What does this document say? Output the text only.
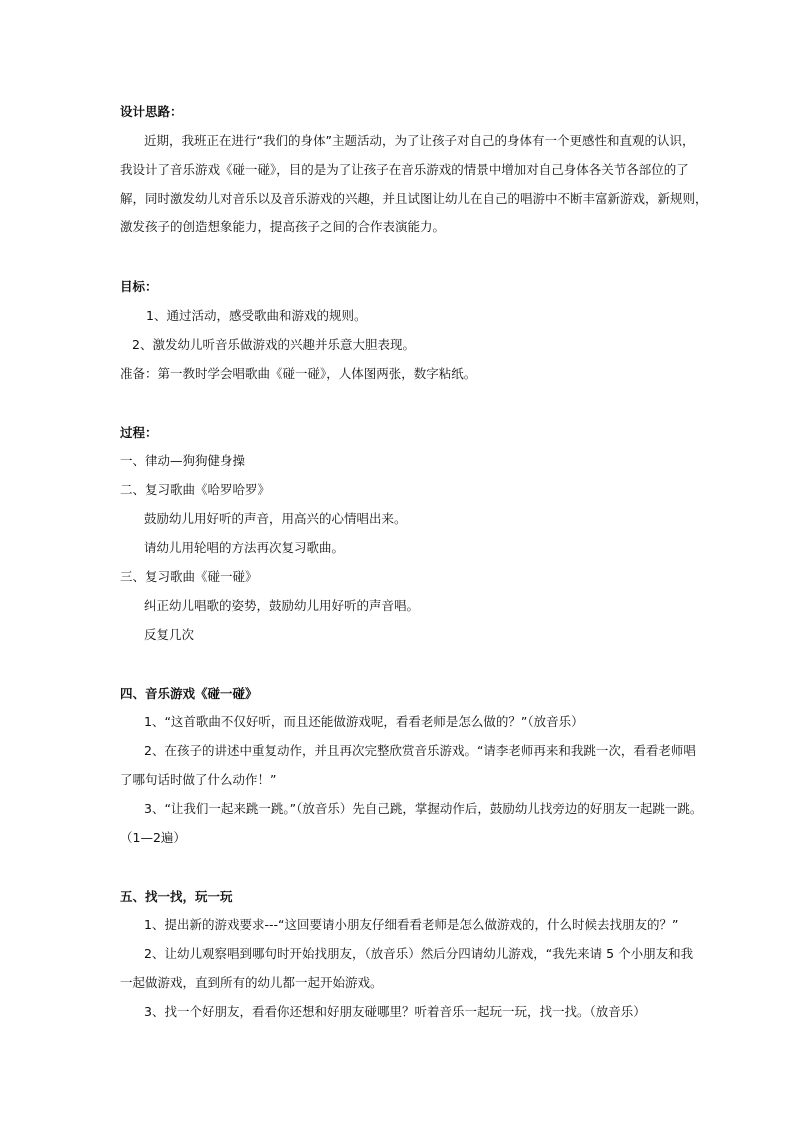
设计思路：
近期，我班正在进行“我们的身体”主题活动，为了让孩子对自己的身体有一个更感性和直观的认识，
我设计了音乐游戏《碰一碰》，目的是为了让孩子在音乐游戏的情景中增加对自己身体各关节各部位的了
解，同时激发幼儿对音乐以及音乐游戏的兴趣，并且试图让幼儿在自己的唱游中不断丰富新游戏，新规则，
激发孩子的创造想象能力，提高孩子之间的合作表演能力。
目标：
1、通过活动，感受歌曲和游戏的规则。
2、激发幼儿听音乐做游戏的兴趣并乐意大胆表现。
准备：第一教时学会唱歌曲《碰一碰》，人体图两张，数字粘纸。
过程：
一、律动—狗狗健身操
二、复习歌曲《哈罗哈罗》
鼓励幼儿用好听的声音，用高兴的心情唱出来。
请幼儿用轮唱的方法再次复习歌曲。
三、复习歌曲《碰一碰》
纠正幼儿唱歌的姿势，鼓励幼儿用好听的声音唱。
反复几次
四、音乐游戏《碰一碰》
1、“这首歌曲不仅好听，而且还能做游戏呢，看看老师是怎么做的？”（放音乐）
2、在孩子的讲述中重复动作，并且再次完整欣赏音乐游戏。“请李老师再来和我跳一次，看看老师唱
了哪句话时做了什么动作！”
3、“让我们一起来跳一跳。”（放音乐）先自己跳，掌握动作后，鼓励幼儿找旁边的好朋友一起跳一跳。
（1—2遍）
五、找一找，玩一玩
1、提出新的游戏要求---“这回要请小朋友仔细看看老师是怎么做游戏的，什么时候去找朋友的？”
2、让幼儿观察唱到哪句时开始找朋友，（放音乐）然后分四请幼儿游戏，“我先来请 5 个小朋友和我
一起做游戏，直到所有的幼儿都一起开始游戏。
3、找一个好朋友，看看你还想和好朋友碰哪里？听着音乐一起玩一玩，找一找。（放音乐）
